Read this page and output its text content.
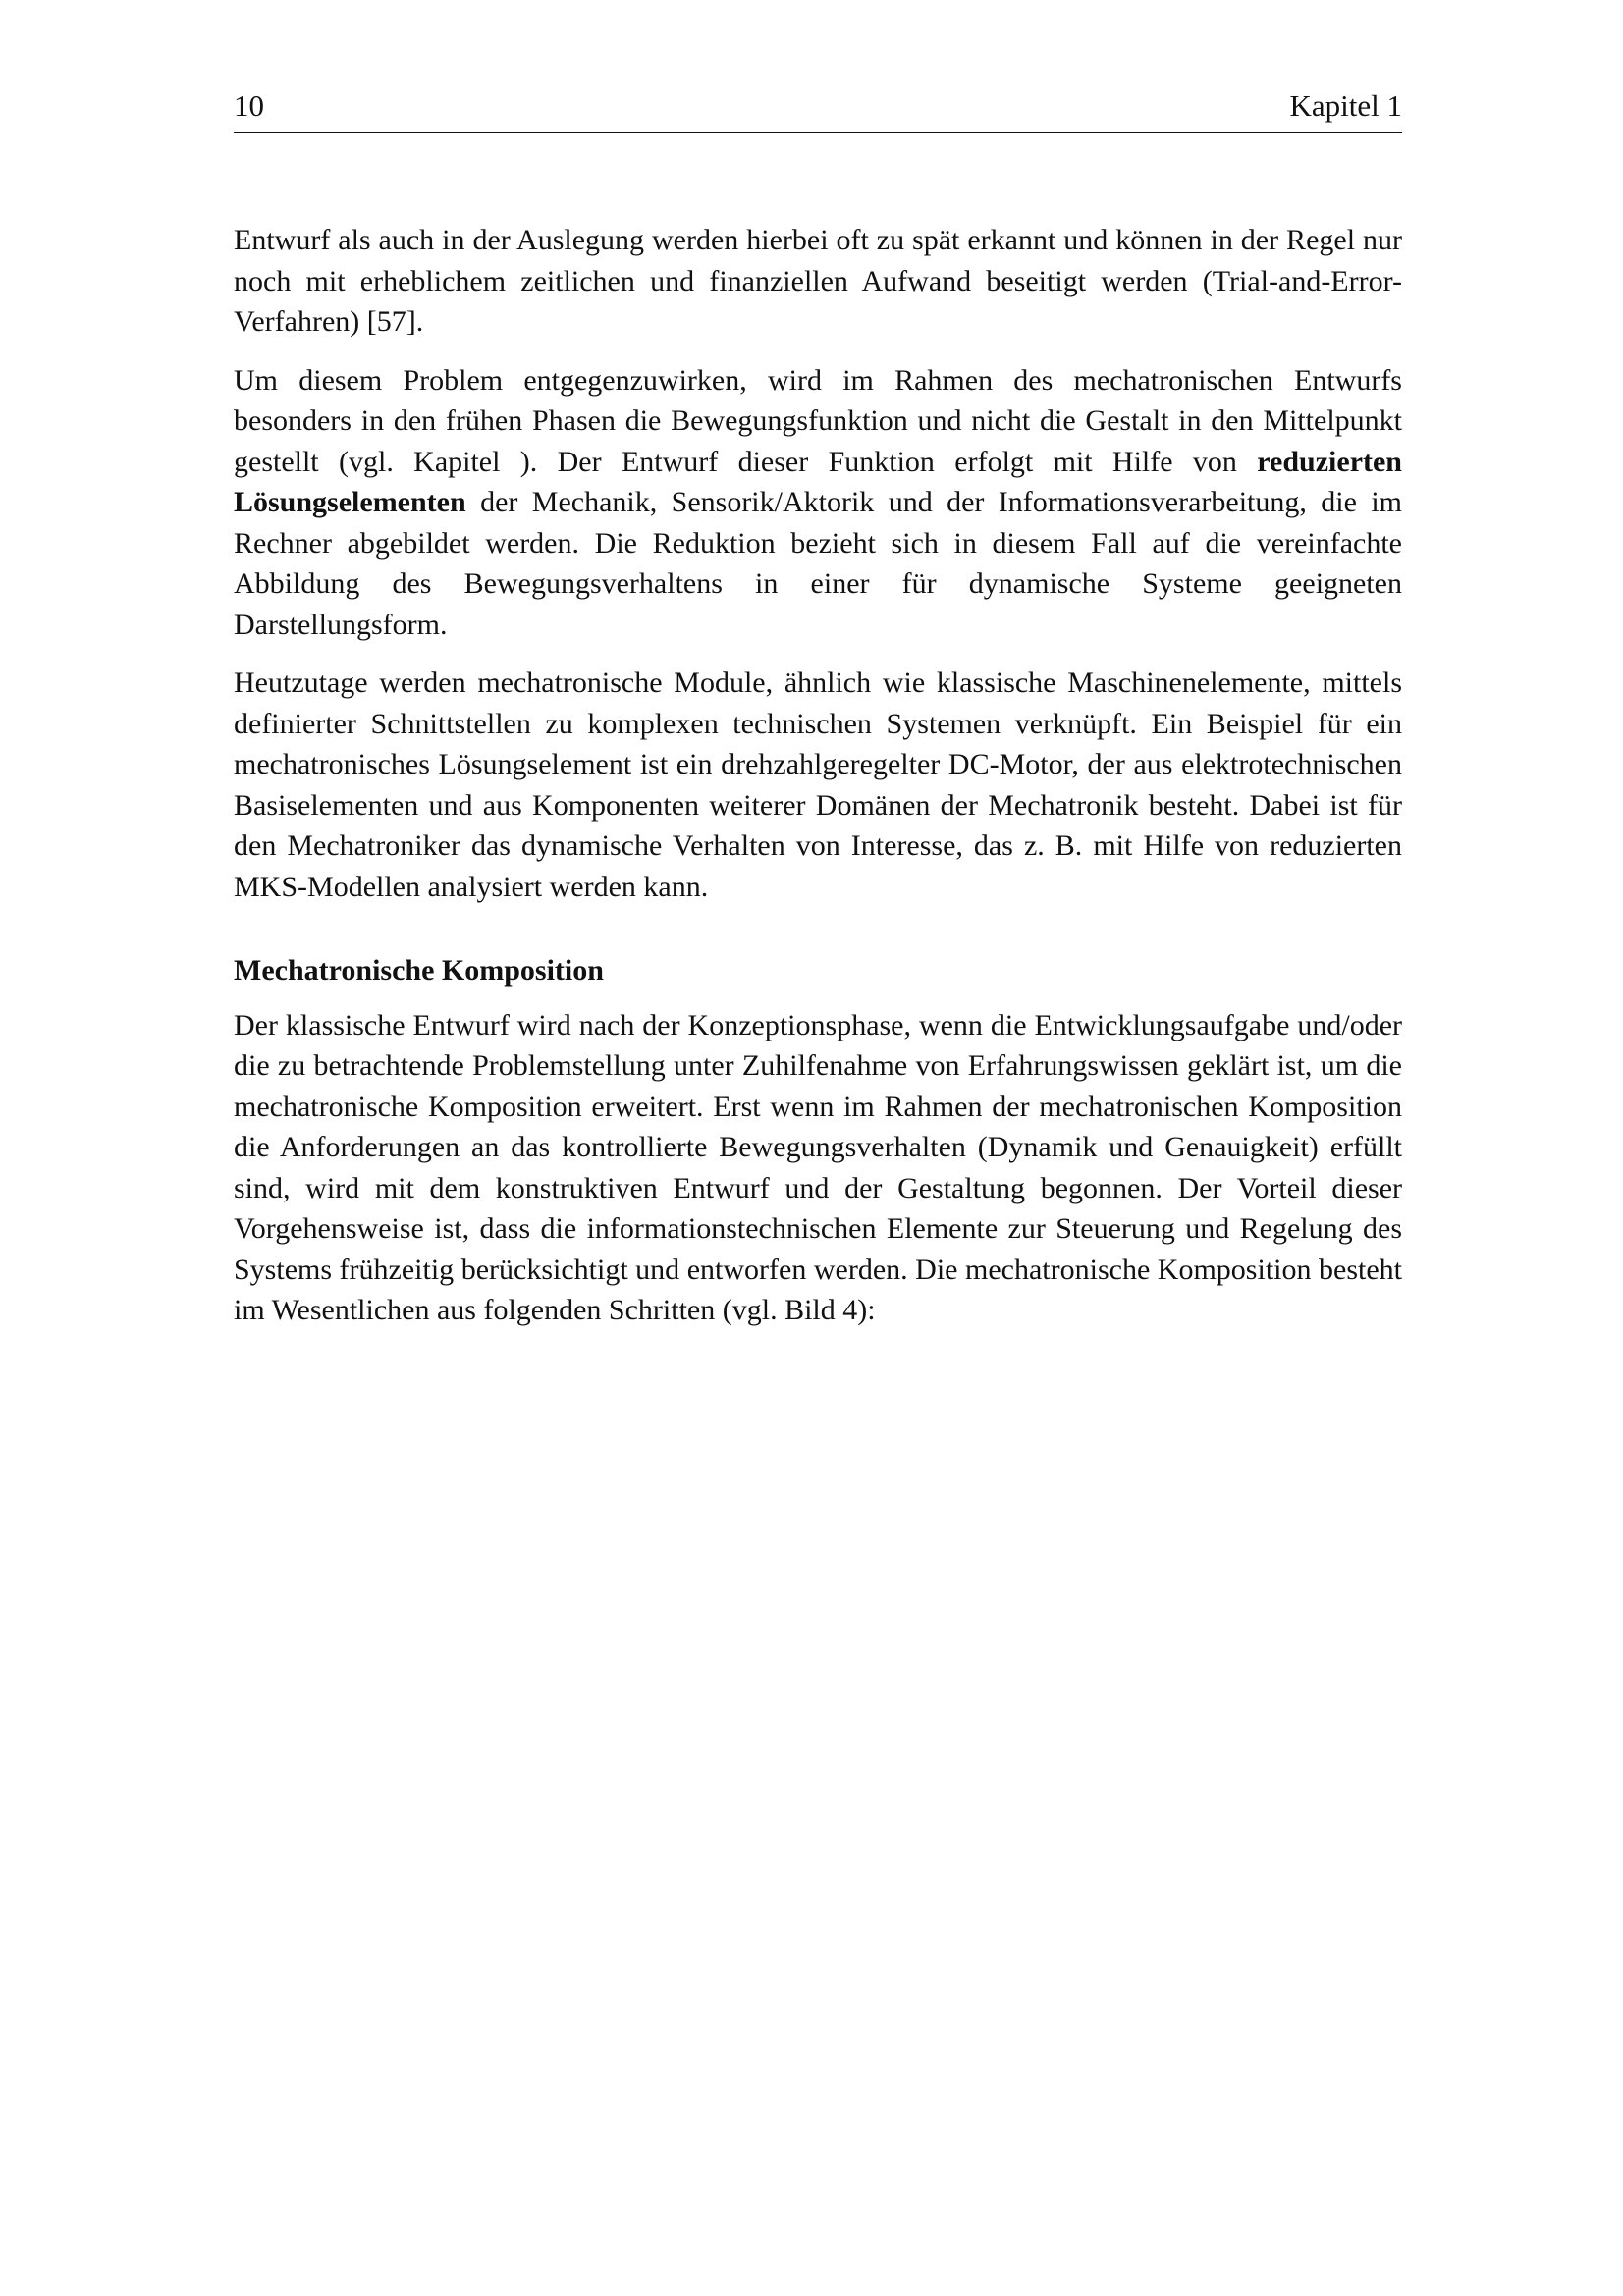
10	Kapitel 1

Entwurf als auch in der Auslegung werden hierbei oft zu spät erkannt und können in der Regel nur noch mit erheblichem zeitlichen und finanziellen Aufwand beseitigt werden (Trial-and-Error-Verfahren) [57].

Um diesem Problem entgegenzuwirken, wird im Rahmen des mechatronischen Entwurfs besonders in den frühen Phasen die Bewegungsfunktion und nicht die Gestalt in den Mittelpunkt gestellt (vgl. Kapitel ). Der Entwurf dieser Funktion erfolgt mit Hilfe von reduzierten Lösungselementen der Mechanik, Sensorik/Aktorik und der Informationsverarbeitung, die im Rechner abgebildet werden. Die Reduktion bezieht sich in diesem Fall auf die vereinfachte Abbildung des Bewegungsverhaltens in einer für dynamische Systeme geeigneten Darstellungsform.

Heutzutage werden mechatronische Module, ähnlich wie klassische Maschinenelemente, mittels definierter Schnittstellen zu komplexen technischen Systemen verknüpft. Ein Beispiel für ein mechatronisches Lösungselement ist ein drehzahlgeregelter DC-Motor, der aus elektrotechnischen Basiselementen und aus Komponenten weiterer Domänen der Mechatronik besteht. Dabei ist für den Mechatroniker das dynamische Verhalten von Interesse, das z. B. mit Hilfe von reduzierten MKS-Modellen analysiert werden kann.

Mechatronische Komposition

Der klassische Entwurf wird nach der Konzeptionsphase, wenn die Entwicklungsaufgabe und/oder die zu betrachtende Problemstellung unter Zuhilfenahme von Erfahrungswissen geklärt ist, um die mechatronische Komposition erweitert. Erst wenn im Rahmen der mechatronischen Komposition die Anforderungen an das kontrollierte Bewegungsverhalten (Dynamik und Genauigkeit) erfüllt sind, wird mit dem konstruktiven Entwurf und der Gestaltung begonnen. Der Vorteil dieser Vorgehensweise ist, dass die informationstechnischen Elemente zur Steuerung und Regelung des Systems frühzeitig berücksichtigt und entworfen werden. Die mechatronische Komposition besteht im Wesentlichen aus folgenden Schritten (vgl. Bild 4):
